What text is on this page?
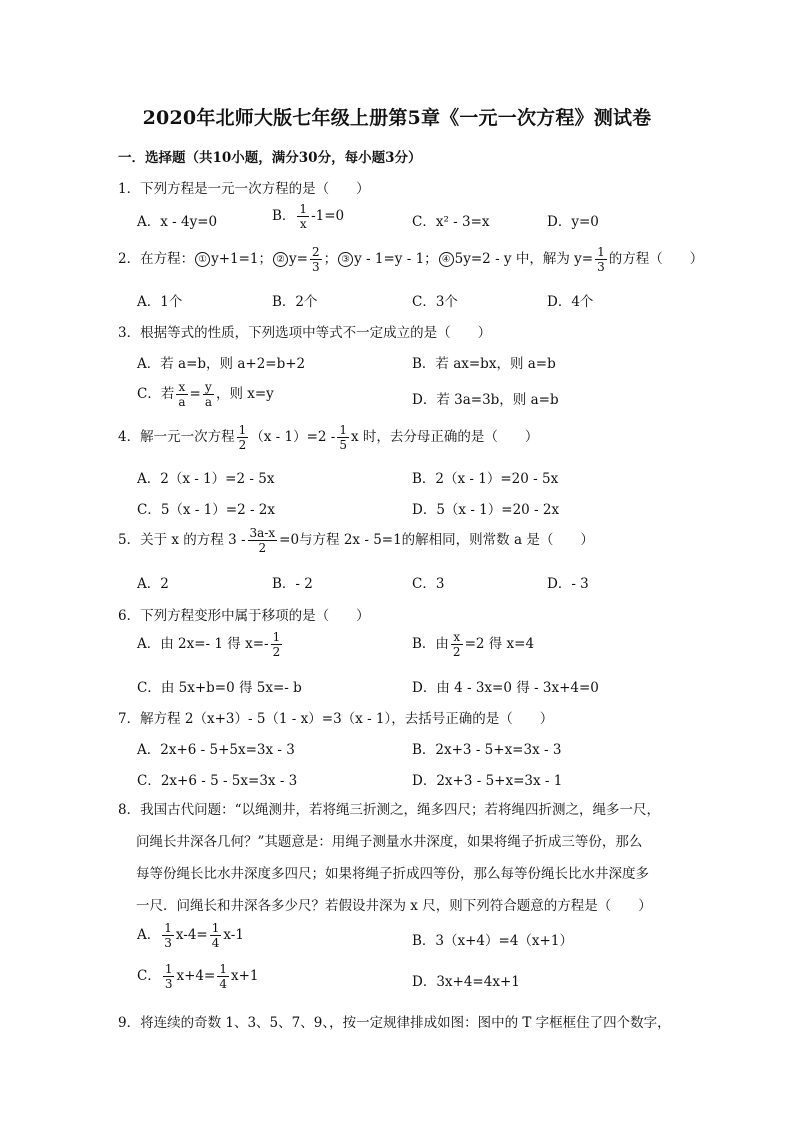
2020年北师大版七年级上册第5章《一元一次方程》测试卷
一．选择题（共10小题，满分30分，每小题3分）
1．下列方程是一元一次方程的是（　　）
A．x - 4y=0	B． $\frac{1}{x} -1=0$	C．x² - 3=x	D．y=0
2．在方程： ① y+1=1； ② $y= \frac{2}{3}$ ； ③ y - 1=y - 1； ④ 5y=2 - y 中，解为 $y= \frac{1}{3}$ 的方程（　　）
A．1个	B．2个	C．3个	D．4个
3．根据等式的性质，下列选项中等式不一定成立的是（　　）
A．若 a=b，则 a+2=b+2	B．若 ax=bx，则 a=b
C．若 $\frac{x}{a} = \frac{y}{a}$ ，则 x=y	D．若 3a=3b，则 a=b
4．解一元一次方程 $\frac{1}{2} (x - 1)=2 - \frac{1}{5}$ x 时，去分母正确的是（　　）
A．2（x - 1）=2 - 5x	B．2（x - 1）=20 - 5x
C．5（x - 1）=2 - 2x	D．5（x - 1）=20 - 2x
5．关于 x 的方程 $3 - \frac{3a-x}{2} =0$与方程 2x - 5=1的解相同，则常数 a 是（　　）
A．2	B．- 2	C．3	D．- 3
6．下列方程变形中属于移项的是（　　）
A．由 2x=- 1 得 $x=- \frac{1}{2}$	B．由 $\frac{x}{2} =2$ 得 x=4
C．由 5x+b=0 得 5x=- b	D．由 4 - 3x=0 得 - 3x+4=0
7．解方程 2（x+3）- 5（1 - x）=3（x - 1），去括号正确的是（　　）
A．2x+6 - 5+5x=3x - 3	B．2x+3 - 5+x=3x - 3
C．2x+6 - 5 - 5x=3x - 3	D．2x+3 - 5+x=3x - 1
8．我国古代问题：“以绳测井，若将绳三折测之，绳多四尺；若将绳四折测之，绳多一尺，
问绳长井深各几何？”其题意是：用绳子测量水井深度，如果将绳子折成三等份，那么
每等份绳长比水井深度多四尺；如果将绳子折成四等份，那么每等份绳长比水井深度多
一尺．问绳长和井深各多少尺？若假设井深为 x 尺，则下列符合题意的方程是（　　）
A． $\frac{1}{3} x-4= \frac{1}{4} x-1$	B．3（x+4）=4（x+1）
C． $\frac{1}{3} x+4= \frac{1}{4} x+1$	D．3x+4=4x+1
9．将连续的奇数 1、3、5、7、9、，按一定规律排成如图：图中的 T 字框框住了四个数字，
